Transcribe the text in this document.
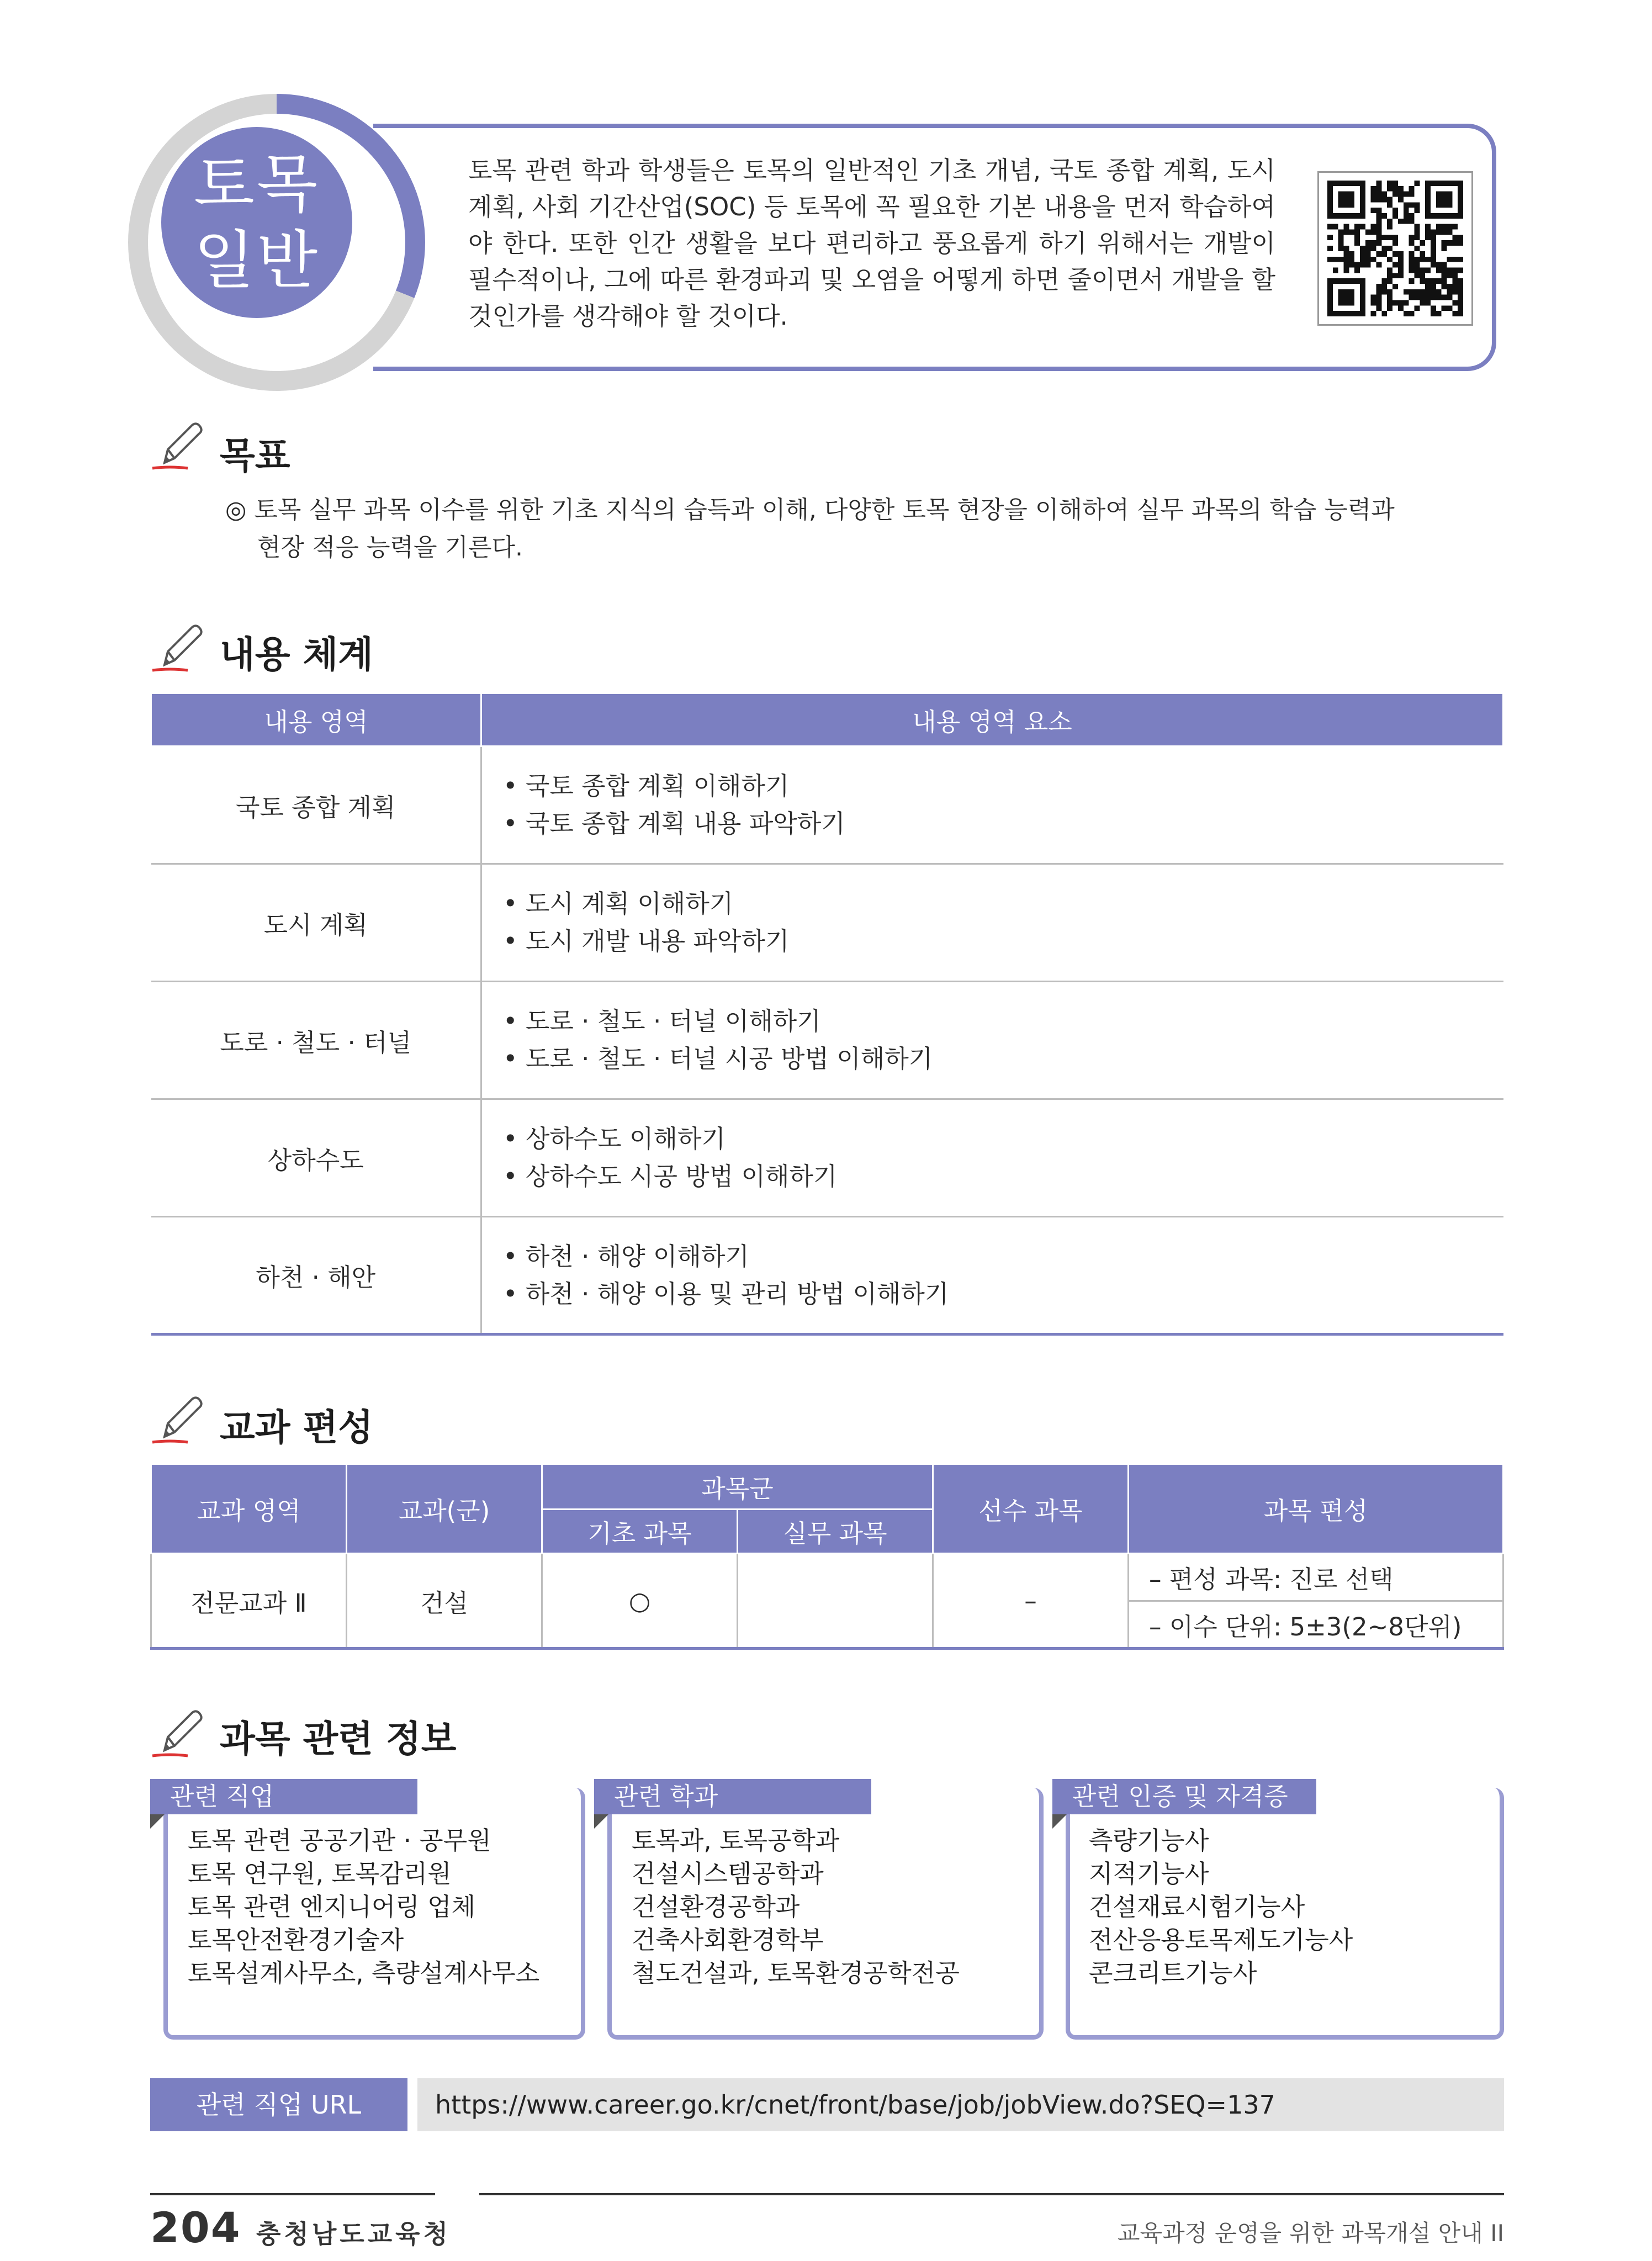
토목
일반

토목 관련 학과 학생들은 토목의 일반적인 기초 개념, 국토 종합 계획, 도시 계획, 사회 기간산업(SOC) 등 토목에 꼭 필요한 기본 내용을 먼저 학습하여야 한다. 또한 인간 생활을 보다 편리하고 풍요롭게 하기 위해서는 개발이 필수적이나, 그에 따른 환경파괴 및 오염을 어떻게 하면 줄이면서 개발을 할 것인가를 생각해야 할 것이다.

목표
◎ 토목 실무 과목 이수를 위한 기초 지식의 습득과 이해, 다양한 토목 현장을 이해하여 실무 과목의 학습 능력과
현장 적응 능력을 기른다.
내용 체계
내용 영역	내용 영역 요소
국토 종합 계획	• 국토 종합 계획 이해하기
• 국토 종합 계획 내용 파악하기

도시 계획	• 도시 계획 이해하기
• 도시 개발 내용 파악하기

도로 · 철도 · 터널	• 도로 · 철도 · 터널 이해하기
• 도로 · 철도 · 터널 시공 방법 이해하기

상하수도	• 상하수도 이해하기
• 상하수도 시공 방법 이해하기

하천 · 해안	• 하천 · 해양 이해하기
• 하천 · 해양 이용 및 관리 방법 이해하기
교과 편성
교과 영역	교과(군)	과목군		선수 과목	과목 편성
		기초 과목	실무 과목		
전문교과 Ⅱ	건설	○		–	– 편성 과목: 진로 선택
					– 이수 단위: 5±3(2~8단위)
과목 관련 정보
관련 직업
토목 관련 공공기관 · 공무원
토목 연구원, 토목감리원
토목 관련 엔지니어링 업체
토목안전환경기술자
토목설계사무소, 측량설계사무소
관련 학과
토목과, 토목공학과
건설시스템공학과
건설환경공학과
건축사회환경학부
철도건설과, 토목환경공학전공
관련 인증 및 자격증
측량기능사
지적기능사
건설재료시험기능사
전산응용토목제도기능사
콘크리트기능사
관련 직업 URL	https://www.career.go.kr/cnet/front/base/job/jobView.do?SEQ=137
204 충청남도교육청	교육과정 운영을 위한 과목개설 안내 II
